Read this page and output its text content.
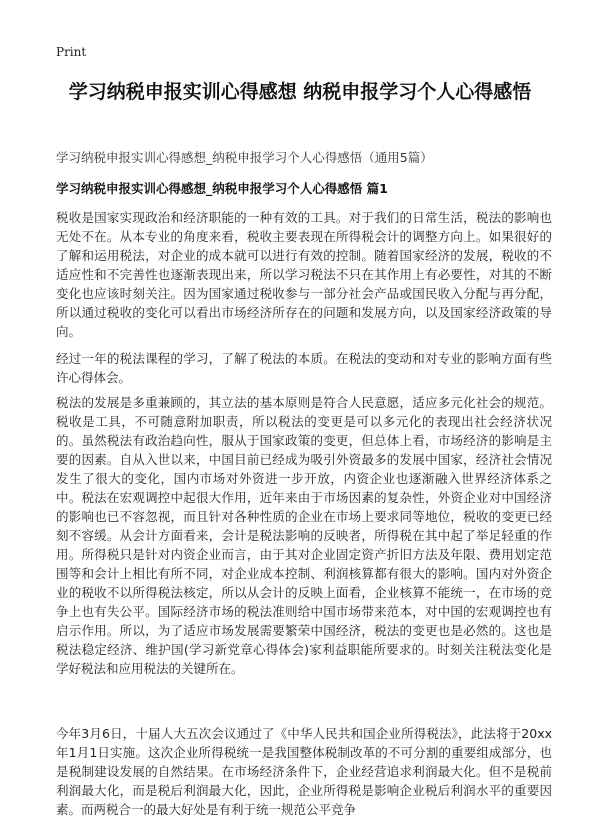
Print
学习纳税申报实训心得感想 纳税申报学习个人心得感悟
学习纳税申报实训心得感想_纳税申报学习个人心得感悟（通用5篇）
学习纳税申报实训心得感想_纳税申报学习个人心得感悟 篇1

税收是国家实现政治和经济职能的一种有效的工具。对于我们的日常生活，税法的影响也无处不在。从本专业的角度来看，税收主要表现在所得税会计的调整方向上。如果很好的了解和运用税法，对企业的成本就可以进行有效的控制。随着国家经济的发展，税收的不适应性和不完善性也逐渐表现出来，所以学习税法不只在其作用上有必要性，对其的不断变化也应该时刻关注。因为国家通过税收参与一部分社会产品或国民收入分配与再分配，所以通过税收的变化可以看出市场经济所存在的问题和发展方向，以及国家经济政策的导向。

经过一年的税法课程的学习，了解了税法的本质。在税法的变动和对专业的影响方面有些许心得体会。

税法的发展是多重兼顾的，其立法的基本原则是符合人民意愿，适应多元化社会的规范。税收是工具，不可随意附加职责，所以税法的变更是可以多元化的表现出社会经济状况的。虽然税法有政治趋向性，服从于国家政策的变更，但总体上看，市场经济的影响是主要的因素。自从入世以来，中国目前已经成为吸引外资最多的发展中国家，经济社会情况发生了很大的变化，国内市场对外资进一步开放，内资企业也逐渐融入世界经济体系之中。税法在宏观调控中起很大作用，近年来由于市场因素的复杂性，外资企业对中国经济的影响也已不容忽视，而且针对各种性质的企业在市场上要求同等地位，税收的变更已经刻不容缓。从会计方面看来，会计是税法影响的反映者，所得税在其中起了举足轻重的作用。所得税只是针对内资企业而言，由于其对企业固定资产折旧方法及年限、费用划定范围等和会计上相比有所不同，对企业成本控制、利润核算都有很大的影响。国内对外资企业的税收不以所得税法核定，所以从会计的反映上面看，企业核算不能统一，在市场的竞争上也有失公平。国际经济市场的税法准则给中国市场带来范本，对中国的宏观调控也有启示作用。所以，为了适应市场发展需要繁荣中国经济，税法的变更也是必然的。这也是税法稳定经济、维护国(学习新党章心得体会)家利益职能所要求的。时刻关注税法变化是学好税法和应用税法的关键所在。

今年3月6日，十届人大五次会议通过了《中华人民共和国企业所得税法》，此法将于20xx年1月1日实施。这次企业所得税统一是我国整体税制改革的不可分割的重要组成部分，也是税制建设发展的自然结果。在市场经济条件下，企业经营追求利润最大化。但不是税前利润最大化，而是税后利润最大化，因此，企业所得税是影响企业税后利润水平的重要因素。而两税合一的最大好处是有利于统一规范公平竞争
